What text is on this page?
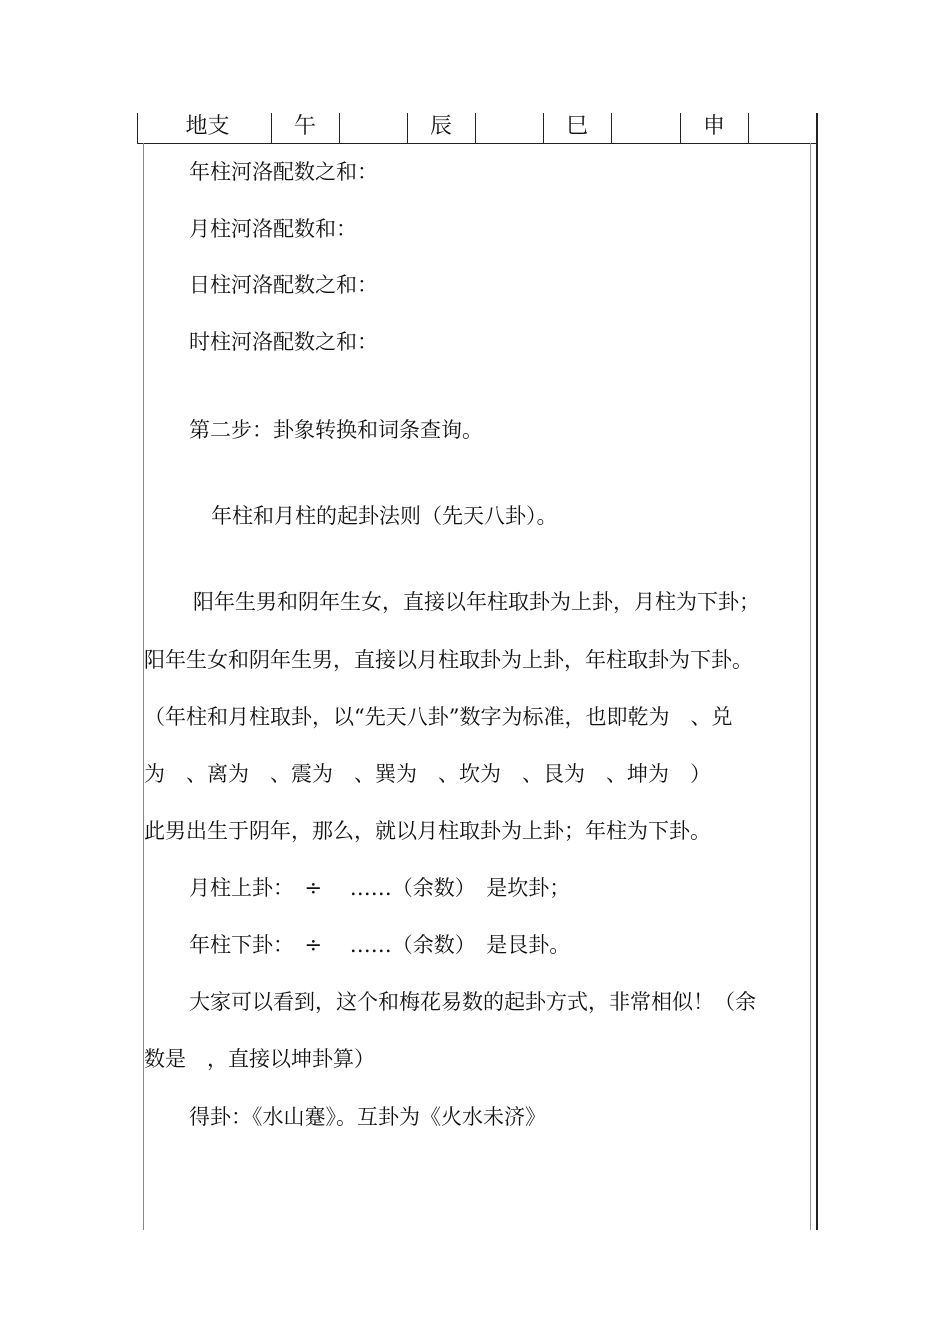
地支	午	辰	巳	申
年柱河洛配数之和：
月柱河洛配数和：
日柱河洛配数之和：
时柱河洛配数之和：
第二步：卦象转换和词条查询。
年柱和月柱的起卦法则（先天八卦）。
阳年生男和阴年生女，直接以年柱取卦为上卦，月柱为下卦；
阳年生女和阴年生男，直接以月柱取卦为上卦，年柱取卦为下卦。
（年柱和月柱取卦，以“先天八卦”数字为标准，也即乾为　、兑
为　、离为　、震为　、巽为　、坎为　、艮为　、坤为　）
此男出生于阴年，那么，就以月柱取卦为上卦；年柱为下卦。
月柱上卦：　÷　 ……（余数）　是坎卦；
年柱下卦：　÷　 ……（余数）　是艮卦。
大家可以看到，这个和梅花易数的起卦方式，非常相似！（余
数是　，直接以坤卦算）
得卦：《水山蹇》。互卦为《火水未济》
